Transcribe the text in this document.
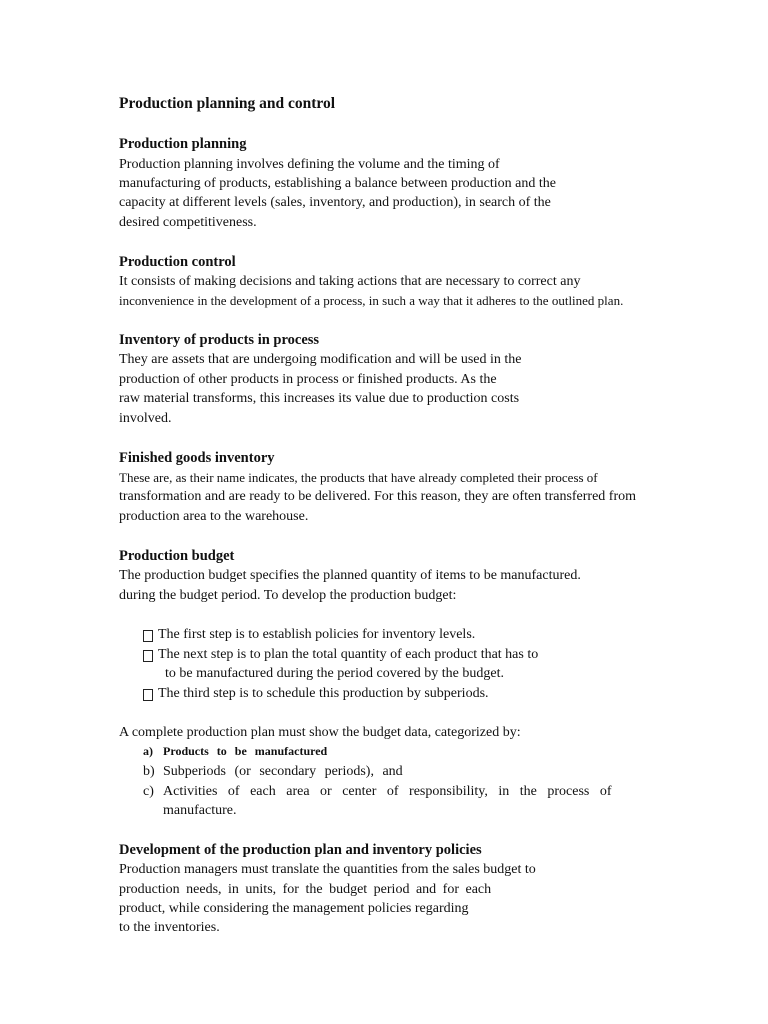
Production planning and control
Production planning
Production planning involves defining the volume and the timing of
manufacturing of products, establishing a balance between production and the
capacity at different levels (sales, inventory, and production), in search of the
desired competitiveness.
Production control
It consists of making decisions and taking actions that are necessary to correct any
inconvenience in the development of a process, in such a way that it adheres to the outlined plan.
Inventory of products in process
They are assets that are undergoing modification and will be used in the
production of other products in process or finished products. As the
raw material transforms, this increases its value due to production costs
involved.
Finished goods inventory
These are, as their name indicates, the products that have already completed their process of
transformation and are ready to be delivered. For this reason, they are often transferred from
production area to the warehouse.
Production budget
The production budget specifies the planned quantity of items to be manufactured.
during the budget period. To develop the production budget:
The first step is to establish policies for inventory levels.
The next step is to plan the total quantity of each product that has to
to be manufactured during the period covered by the budget.
The third step is to schedule this production by subperiods.
A complete production plan must show the budget data, categorized by:
a) Products to be manufactured
b) Subperiods (or secondary periods), and
c) Activities of each area or center of responsibility, in the process of
manufacture.
Development of the production plan and inventory policies
Production managers must translate the quantities from the sales budget to
production needs, in units, for the budget period and for each
product, while considering the management policies regarding
to the inventories.
